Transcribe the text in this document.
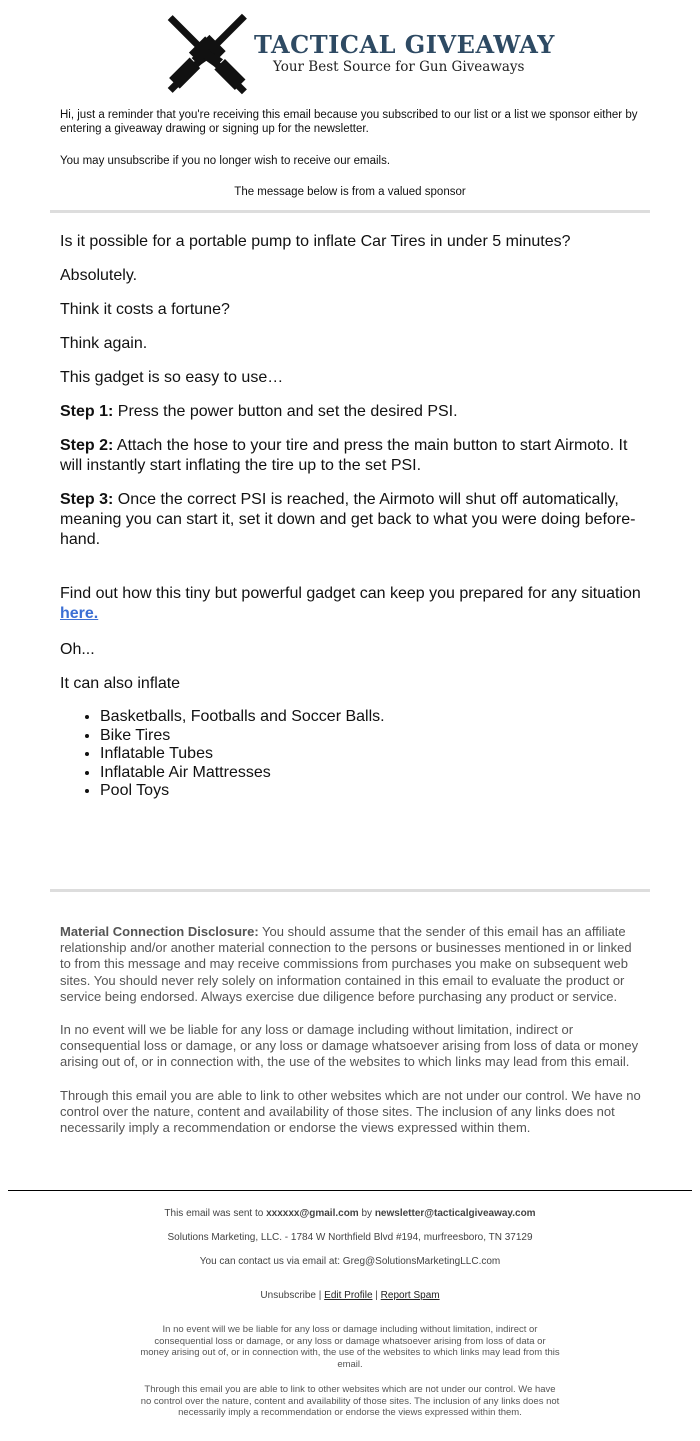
TACTICAL GIVEAWAY
Your Best Source for Gun Giveaways

Hi, just a reminder that you're receiving this email because you subscribed to our list or a list we sponsor either by entering a giveaway drawing or signing up for the newsletter.

You may unsubscribe if you no longer wish to receive our emails.

The message below is from a valued sponsor

Is it possible for a portable pump to inflate Car Tires in under 5 minutes?

Absolutely.

Think it costs a fortune?

Think again.

This gadget is so easy to use…

Step 1: Press the power button and set the desired PSI.

Step 2: Attach the hose to your tire and press the main button to start Airmoto. It will instantly start inflating the tire up to the set PSI.

Step 3: Once the correct PSI is reached, the Airmoto will shut off automatically, meaning you can start it, set it down and get back to what you were doing before-hand.

Find out how this tiny but powerful gadget can keep you prepared for any situation here.

Oh...

It can also inflate

• Basketballs, Footballs and Soccer Balls.
• Bike Tires
• Inflatable Tubes
• Inflatable Air Mattresses
• Pool Toys

Material Connection Disclosure: You should assume that the sender of this email has an affiliate relationship and/or another material connection to the persons or businesses mentioned in or linked to from this message and may receive commissions from purchases you make on subsequent web sites. You should never rely solely on information contained in this email to evaluate the product or service being endorsed. Always exercise due diligence before purchasing any product or service.

In no event will we be liable for any loss or damage including without limitation, indirect or consequential loss or damage, or any loss or damage whatsoever arising from loss of data or money arising out of, or in connection with, the use of the websites to which links may lead from this email.

Through this email you are able to link to other websites which are not under our control. We have no control over the nature, content and availability of those sites. The inclusion of any links does not necessarily imply a recommendation or endorse the views expressed within them.

This email was sent to xxxxxx@gmail.com by newsletter@tacticalgiveaway.com

Solutions Marketing, LLC. - 1784 W Northfield Blvd #194, murfreesboro, TN 37129

You can contact us via email at: Greg@SolutionsMarketingLLC.com

Unsubscribe | Edit Profile | Report Spam

In no event will we be liable for any loss or damage including without limitation, indirect or consequential loss or damage, or any loss or damage whatsoever arising from loss of data or money arising out of, or in connection with, the use of the websites to which links may lead from this email.

Through this email you are able to link to other websites which are not under our control. We have no control over the nature, content and availability of those sites. The inclusion of any links does not necessarily imply a recommendation or endorse the views expressed within them.
